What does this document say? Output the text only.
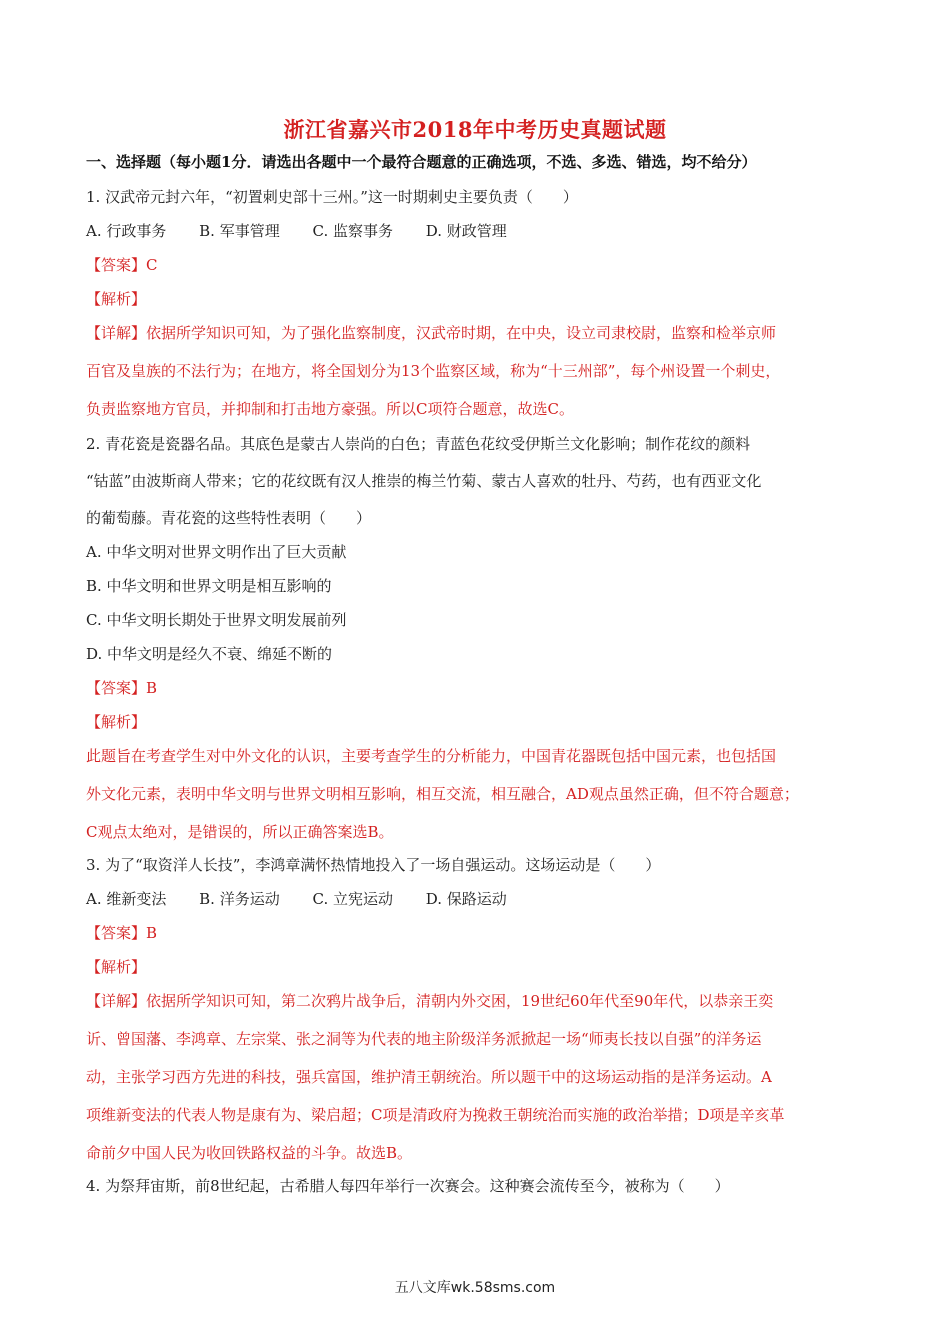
浙江省嘉兴市2018年中考历史真题试题
一、选择题（每小题1分．请选出各题中一个最符合题意的正确选项，不选、多选、错选，均不给分）
1. 汉武帝元封六年，“初置刺史部十三州。”这一时期刺史主要负责（　　）
A. 行政事务 B. 军事管理 C. 监察事务 D. 财政管理
【答案】C
【解析】
【详解】依据所学知识可知，为了强化监察制度，汉武帝时期，在中央，设立司隶校尉，监察和检举京师
百官及皇族的不法行为；在地方，将全国划分为13个监察区域，称为“十三州部”，每个州设置一个刺史，
负责监察地方官员，并抑制和打击地方豪强。所以C项符合题意，故选C。
2. 青花瓷是瓷器名品。其底色是蒙古人崇尚的白色；青蓝色花纹受伊斯兰文化影响；制作花纹的颜料
“钴蓝”由波斯商人带来；它的花纹既有汉人推崇的梅兰竹菊、蒙古人喜欢的牡丹、芍药，也有西亚文化
的葡萄藤。青花瓷的这些特性表明（　　）
A. 中华文明对世界文明作出了巨大贡献
B. 中华文明和世界文明是相互影响的
C. 中华文明长期处于世界文明发展前列
D. 中华文明是经久不衰、绵延不断的
【答案】B
【解析】
此题旨在考查学生对中外文化的认识，主要考查学生的分析能力，中国青花器既包括中国元素，也包括国
外文化元素，表明中华文明与世界文明相互影响，相互交流，相互融合，AD观点虽然正确，但不符合题意；
C观点太绝对，是错误的，所以正确答案选B。
3. 为了“取资洋人长技”，李鸿章满怀热情地投入了一场自强运动。这场运动是（　　）
A. 维新变法 B. 洋务运动 C. 立宪运动 D. 保路运动
【答案】B
【解析】
【详解】依据所学知识可知，第二次鸦片战争后，清朝内外交困，19世纪60年代至90年代，以恭亲王奕
䜣、曾国藩、李鸿章、左宗棠、张之洞等为代表的地主阶级洋务派掀起一场“师夷长技以自强”的洋务运
动，主张学习西方先进的科技，强兵富国，维护清王朝统治。所以题干中的这场运动指的是洋务运动。A
项维新变法的代表人物是康有为、梁启超；C项是清政府为挽救王朝统治而实施的政治举措；D项是辛亥革
命前夕中国人民为收回铁路权益的斗争。故选B。
4. 为祭拜宙斯，前8世纪起，古希腊人每四年举行一次赛会。这种赛会流传至今，被称为（　　）
五八文库wk.58sms.com
